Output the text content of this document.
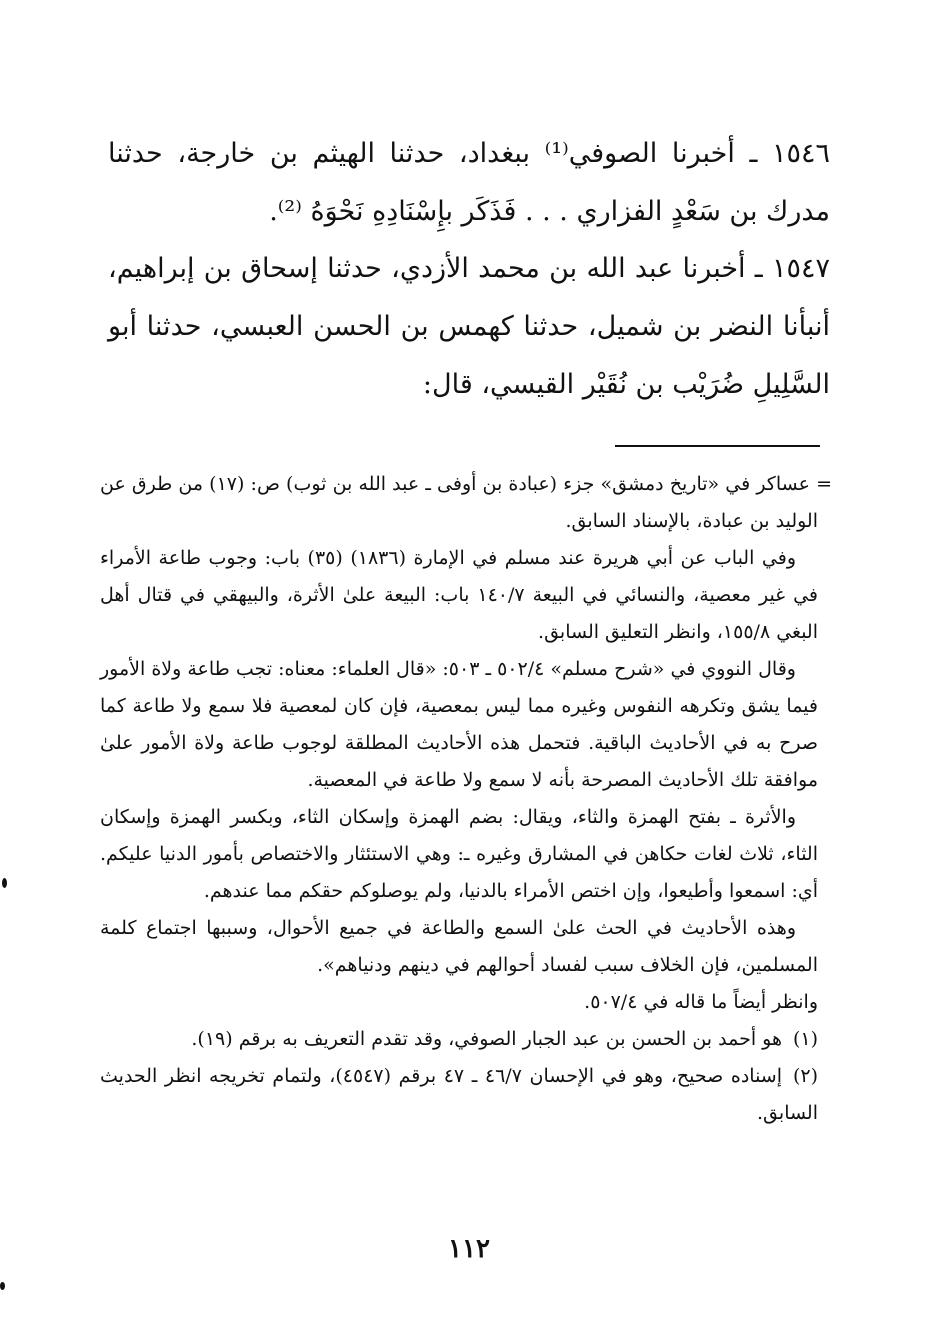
١٥٤٦ ـ أخبرنا الصوفي⁽¹⁾ ببغداد، حدثنا الهيثم بن خارجة، حدثنا مدرك بن سَعْدٍ الفزاري . . . فَذَكَر بإِسْنَادِهِ نَحْوَهُ ⁽²⁾.
١٥٤٧ ـ أخبرنا عبد الله بن محمد الأزدي، حدثنا إسحاق بن إبراهيم، أنبأنا النضر بن شميل، حدثنا كهمس بن الحسن العبسي، حدثنا أبو السَّلِيلِ ضُرَيْب بن نُقَيْر القيسي، قال:

= عساكر في «تاريخ دمشق» جزء (عبادة بن أوفى ـ عبد الله بن ثوب) ص: (١٧) من طرق عن الوليد بن عبادة، بالإسناد السابق.

وفي الباب عن أبي هريرة عند مسلم في الإمارة (١٨٣٦) (٣٥) باب: وجوب طاعة الأمراء في غير معصية، والنسائي في البيعة ١٤٠/٧ باب: البيعة علىٰ الأثرة، والبيهقي في قتال أهل البغي ١٥٥/٨، وانظر التعليق السابق.

وقال النووي في «شرح مسلم» ٥٠٢/٤ ـ ٥٠٣: «قال العلماء: معناه: تجب طاعة ولاة الأمور فيما يشق وتكرهه النفوس وغيره مما ليس بمعصية، فإن كان لمعصية فلا سمع ولا طاعة كما صرح به في الأحاديث الباقية. فتحمل هذه الأحاديث المطلقة لوجوب طاعة ولاة الأمور علىٰ موافقة تلك الأحاديث المصرحة بأنه لا سمع ولا طاعة في المعصية.

والأثرة ـ بفتح الهمزة والثاء، ويقال: بضم الهمزة وإسكان الثاء، وبكسر الهمزة وإسكان الثاء، ثلاث لغات حكاهن في المشارق وغيره ـ: وهي الاستئثار والاختصاص بأمور الدنيا عليكم. أي: اسمعوا وأطيعوا، وإن اختص الأمراء بالدنيا، ولم يوصلوكم حقكم مما عندهم.

وهذه الأحاديث في الحث علىٰ السمع والطاعة في جميع الأحوال، وسببها اجتماع كلمة المسلمين، فإن الخلاف سبب لفساد أحوالهم في دينهم ودنياهم».

وانظر أيضاً ما قاله في ٥٠٧/٤.

(١)هو أحمد بن الحسن بن عبد الجبار الصوفي، وقد تقدم التعريف به برقم (١٩).

(٢)إسناده صحيح، وهو في الإحسان ٤٦/٧ ـ ٤٧ برقم (٤٥٤٧)، ولتمام تخريجه انظر الحديث السابق.

١١٢
